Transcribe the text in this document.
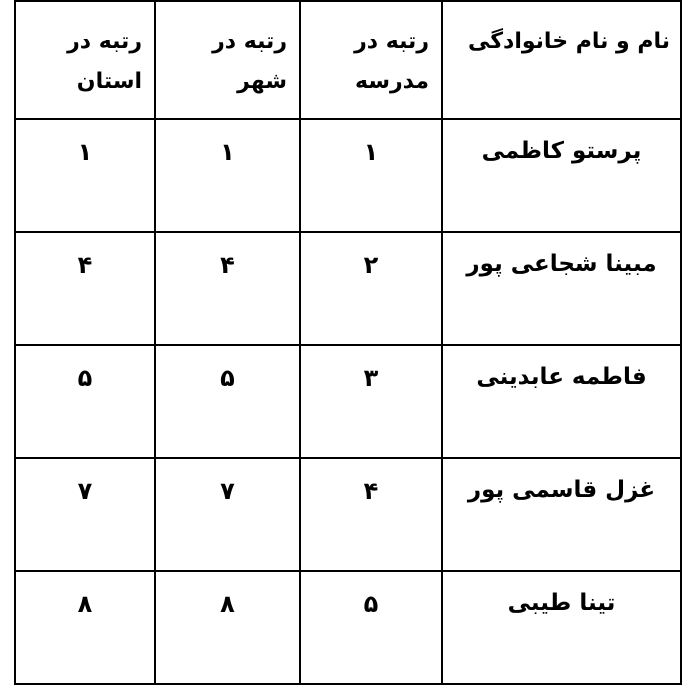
نام و نام خانوادگی	رتبه در مدرسه	رتبه در شهر	رتبه در استان
پرستو کاظمی	۱	۱	۱
مبینا شجاعی پور	۲	۴	۴
فاطمه عابدینی	۳	۵	۵
غزل قاسمی پور	۴	۷	۷
تینا طیبی	۵	۸	۸
